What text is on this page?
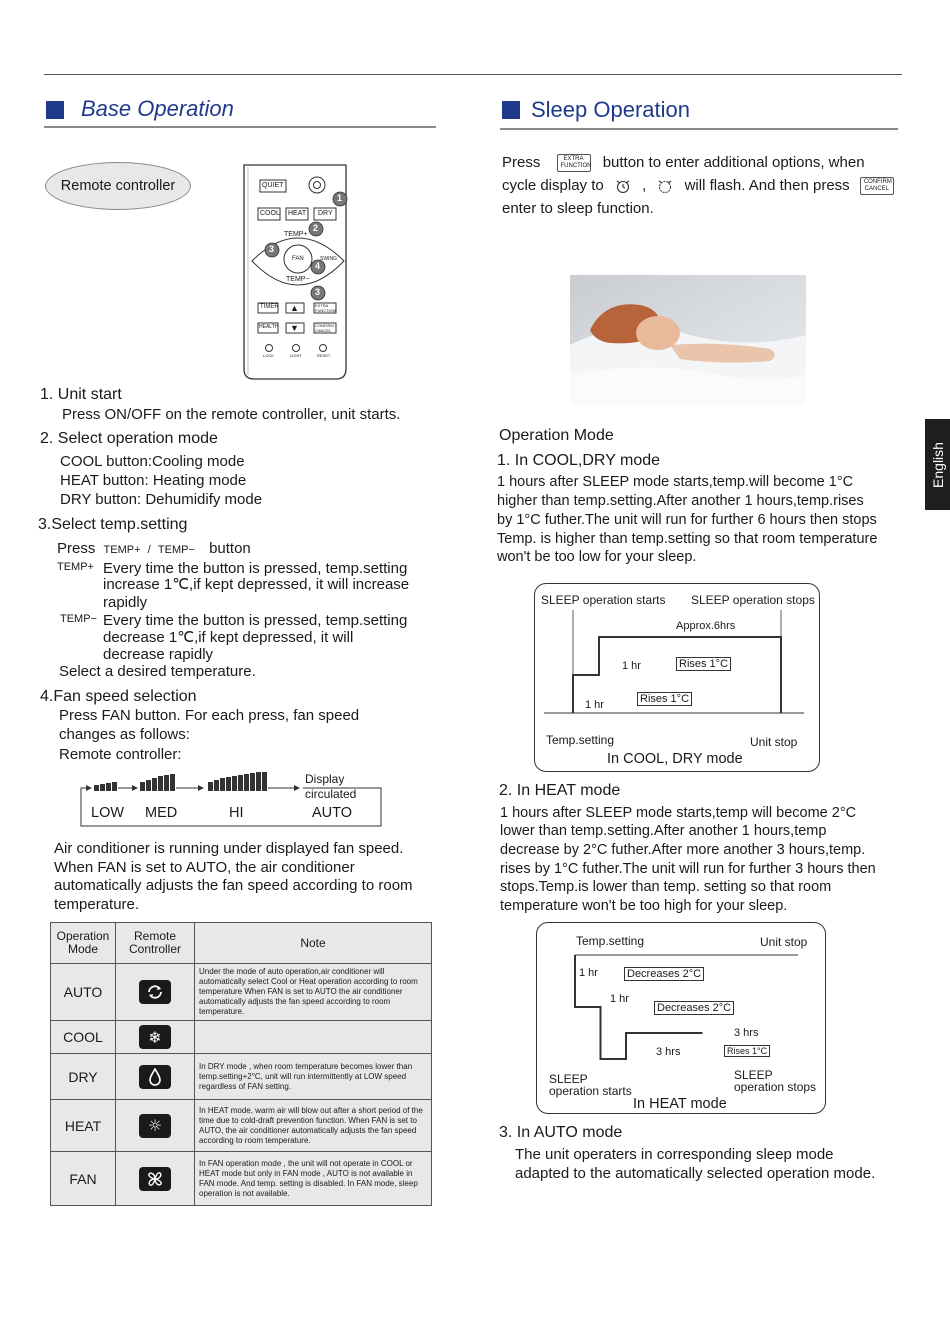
Base Operation
Remote controller	QUIET
COOL HEAT DRY
TEMP+
FAN	SWING
TEMP−
TIMER ▲	EXTRA FUNCTION
HEALTH ▼	CONFIRM CANCEL
LOCK	LIGHT	RESET
1
2
3
4
3
1. Unit start
Press ON/OFF on the remote controller, unit starts.
2. Select operation mode
COOL button:Cooling mode
HEAT button: Heating mode
DRY button: Dehumidify mode
3.Select temp.setting
Press TEMP+ / TEMP− button
TEMP+ Every time the button is pressed, temp.setting
increase 1℃,if kept depressed, it will increase
rapidly
TEMP− Every time the button is pressed, temp.setting
decrease 1℃,if kept depressed, it will
decrease rapidly
Select a desired temperature.
4.Fan speed selection
Press FAN button. For each press, fan speed
changes as follows:
Remote controller:
LOW MED	HI	AUTO
Display
circulated
Air conditioner is running under displayed fan speed.
When FAN is set to AUTO, the air conditioner
automatically adjusts the fan speed according to room
temperature.
Operation Mode	Remote Controller	Note
AUTO		Under the mode of auto operation,air conditioner will automatically select Cool or Heat operation according to room temperature When FAN is set to AUTO the air conditioner automatically adjusts the fan speed according to room temperature.
COOL	❄	

DRY		In DRY mode , when room temperature becomes lower than temp.setting+2°C, unit will run intermittently at LOW speed regardless of FAN setting.
HEAT	☼	In HEAT mode, warm air will blow out after a short period of the time due to cold-draft prevention function. When FAN is set to AUTO, the air conditioner automatically adjusts the fan speed according to room temperature.
FAN		In FAN operation mode , the unit will not operate in COOL or HEAT mode but only in FAN mode , AUTO is not available in FAN mode. And temp. setting is disabled. In FAN mode, sleep operation is not available.
Sleep Operation
Press	EXTRA FUNCTION button to enter additional options, when
cycle display to	,	will flash. And then press CONFIRM CANCEL
enter to sleep function.
Operation Mode
1. In COOL,DRY mode
1 hours after SLEEP mode starts,temp.will become 1°C
higher than temp.setting.After another 1 hours,temp.rises
by 1°C futher.The unit will run for further 6 hours then stops
Temp. is higher than temp.setting so that room temperature
won't be too low for your sleep.
SLEEP operation starts SLEEP operation stops
Approx.6hrs
1 hr
1 hr
Rises 1°C
Rises 1°C
Temp.setting	Unit stop
In COOL, DRY mode
2. In HEAT mode
1 hours after SLEEP mode starts,temp will become 2°C
lower than temp.setting.After another 1 hours,temp
decrease by 2°C futher.After more another 3 hours,temp.
rises by 1°C futher.The unit will run for further 3 hours then
stops.Temp.is lower than temp. setting so that room
temperature won't be too high for your sleep.
Temp.setting	Unit stop
1 hr
1 hr
3 hrs
3 hrs
Decreases 2°C
Decreases 2°C
Rises 1°C
SLEEP
operation starts
SLEEP
operation stops
In HEAT mode
3. In AUTO mode
The unit operaters in corresponding sleep mode
adapted to the automatically selected operation mode.
English
